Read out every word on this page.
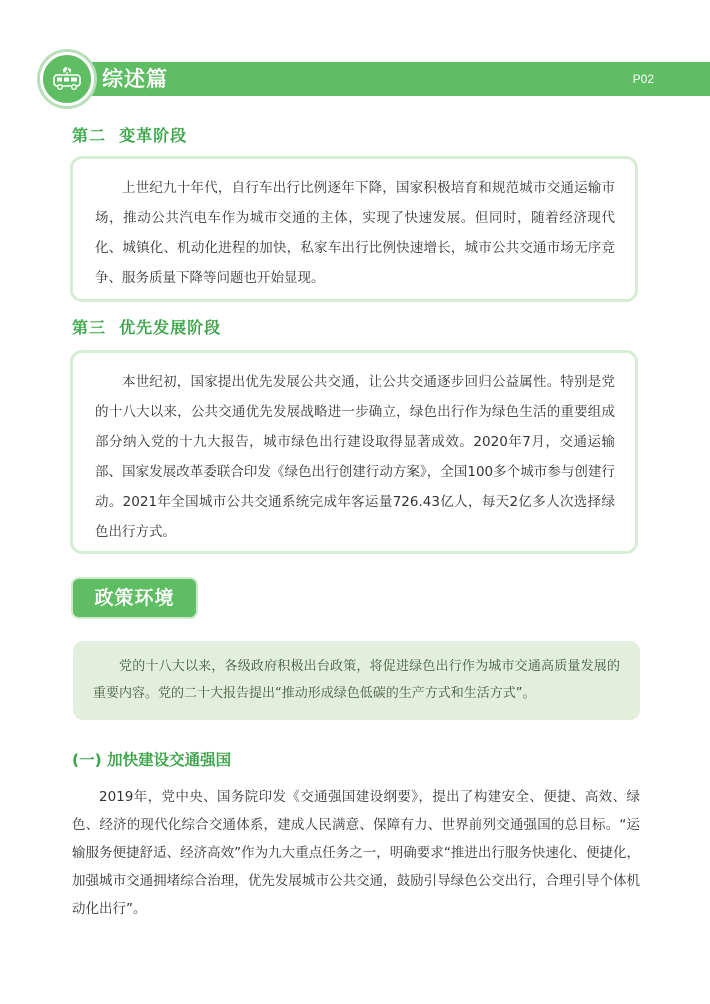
综述篇	P02
第二  变革阶段
上世纪九十年代，自行车出行比例逐年下降，国家积极培育和规范城市交通运输市场，推动公共汽电车作为城市交通的主体，实现了快速发展。但同时，随着经济现代化、城镇化、机动化进程的加快，私家车出行比例快速增长，城市公共交通市场无序竞争、服务质量下降等问题也开始显现。
第三  优先发展阶段
本世纪初，国家提出优先发展公共交通，让公共交通逐步回归公益属性。特别是党的十八大以来，公共交通优先发展战略进一步确立，绿色出行作为绿色生活的重要组成部分纳入党的十九大报告，城市绿色出行建设取得显著成效。2020年7月，交通运输部、国家发展改革委联合印发《绿色出行创建行动方案》，全国100多个城市参与创建行动。2021年全国城市公共交通系统完成年客运量726.43亿人，每天2亿多人次选择绿色出行方式。
政策环境
党的十八大以来，各级政府积极出台政策，将促进绿色出行作为城市交通高质量发展的重要内容。党的二十大报告提出“推动形成绿色低碳的生产方式和生活方式”。
(一) 加快建设交通强国
2019年，党中央、国务院印发《交通强国建设纲要》，提出了构建安全、便捷、高效、绿色、经济的现代化综合交通体系，建成人民满意、保障有力、世界前列交通强国的总目标。“运输服务便捷舒适、经济高效”作为九大重点任务之一，明确要求“推进出行服务快速化、便捷化，加强城市交通拥堵综合治理，优先发展城市公共交通，鼓励引导绿色公交出行，合理引导个体机动化出行”。
